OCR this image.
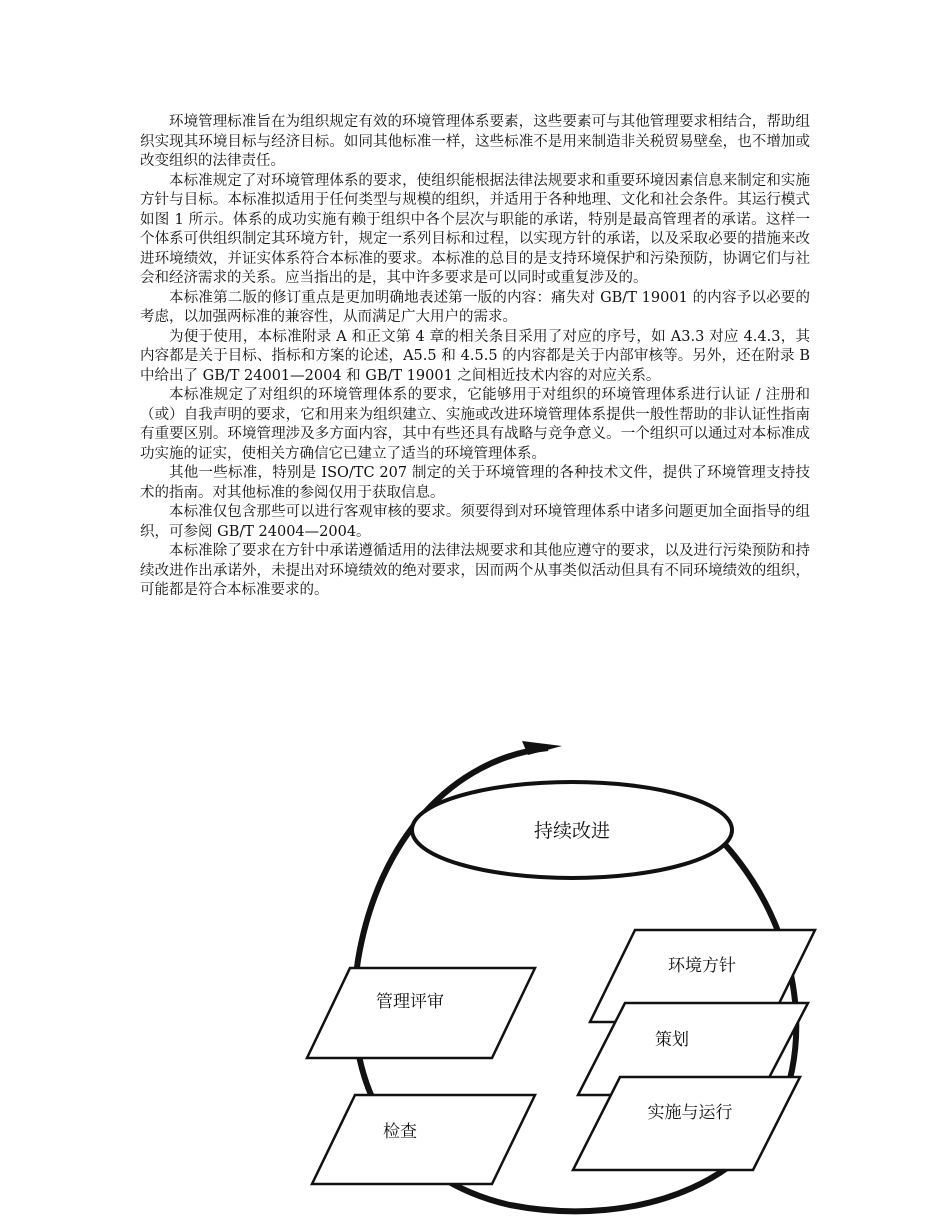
环境管理标准旨在为组织规定有效的环境管理体系要素，这些要素可与其他管理要求相结合，帮助组织实现其环境目标与经济目标。如同其他标准一样，这些标准不是用来制造非关税贸易壁垒，也不增加或改变组织的法律责任。

本标准规定了对环境管理体系的要求，使组织能根据法律法规要求和重要环境因素信息来制定和实施方针与目标。本标准拟适用于任何类型与规模的组织，并适用于各种地理、文化和社会条件。其运行模式如图 1 所示。体系的成功实施有赖于组织中各个层次与职能的承诺，特别是最高管理者的承诺。这样一个体系可供组织制定其环境方针，规定一系列目标和过程，以实现方针的承诺，以及采取必要的措施来改进环境绩效，并证实体系符合本标准的要求。本标准的总目的是支持环境保护和污染预防，协调它们与社会和经济需求的关系。应当指出的是，其中许多要求是可以同时或重复涉及的。

本标准第二版的修订重点是更加明确地表述第一版的内容：痛失对 GB/T 19001 的内容予以必要的考虑，以加强两标准的兼容性，从而满足广大用户的需求。

为便于使用，本标准附录 A 和正文第 4 章的相关条目采用了对应的序号，如 A3.3 对应 4.4.3，其内容都是关于目标、指标和方案的论述，A5.5 和 4.5.5 的内容都是关于内部审核等。另外，还在附录 B 中给出了 GB/T 24001—2004 和 GB/T 19001 之间相近技术内容的对应关系。

本标准规定了对组织的环境管理体系的要求，它能够用于对组织的环境管理体系进行认证 / 注册和（或）自我声明的要求，它和用来为组织建立、实施或改进环境管理体系提供一般性帮助的非认证性指南有重要区别。环境管理涉及多方面内容，其中有些还具有战略与竞争意义。一个组织可以通过对本标准成功实施的证实，使相关方确信它已建立了适当的环境管理体系。

其他一些标准，特别是 ISO/TC 207 制定的关于环境管理的各种技术文件，提供了环境管理支持技术的指南。对其他标准的参阅仅用于获取信息。

本标准仅包含那些可以进行客观审核的要求。须要得到对环境管理体系中诸多问题更加全面指导的组织，可参阅 GB/T 24004—2004。

本标准除了要求在方针中承诺遵循适用的法律法规要求和其他应遵守的要求，以及进行污染预防和持续改进作出承诺外，未提出对环境绩效的绝对要求，因而两个从事类似活动但具有不同环境绩效的组织，可能都是符合本标准要求的。

持续改进
环境方针
策划
实施与运行
管理评审
检查
